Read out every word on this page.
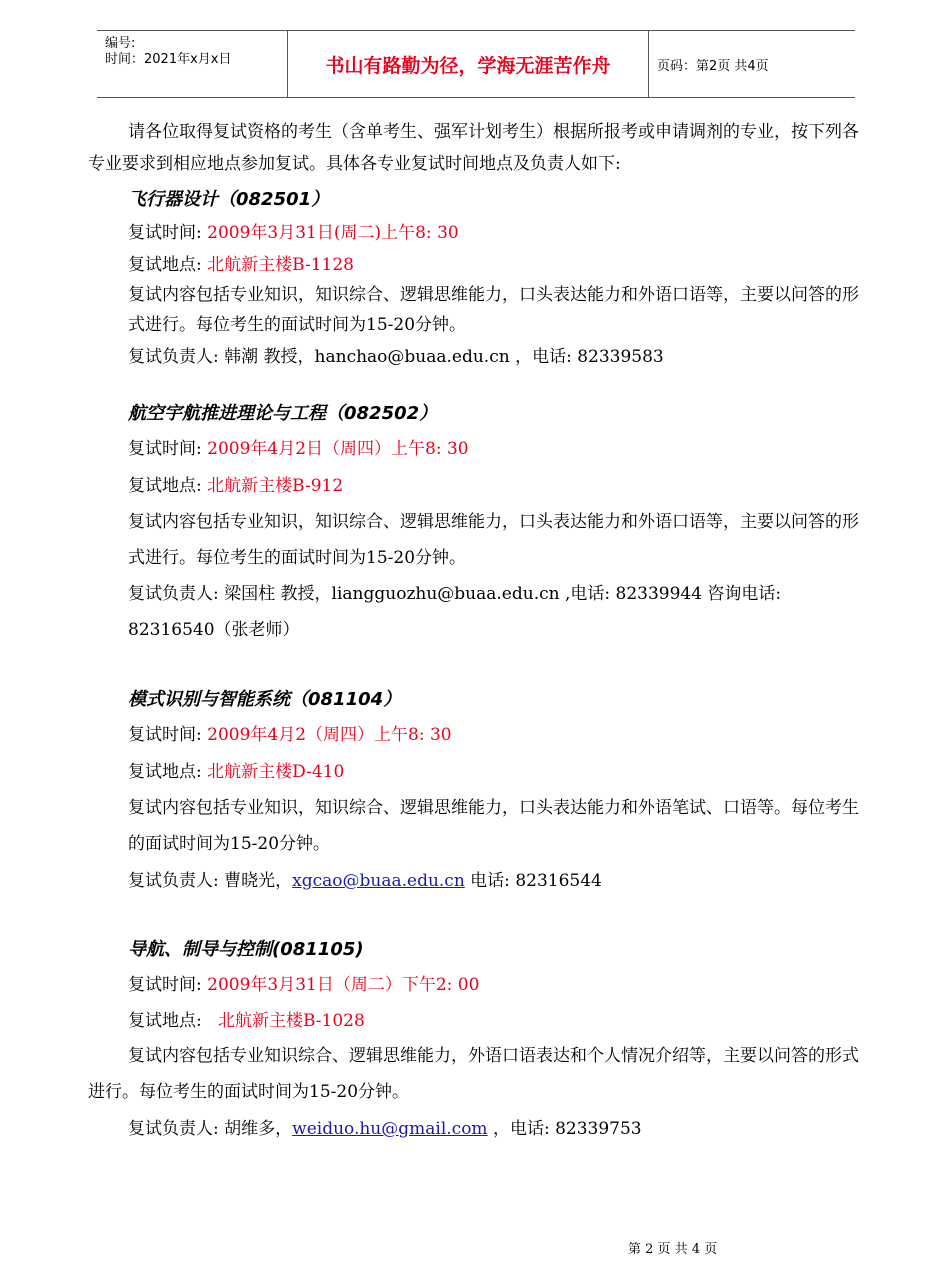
编号:
时间：2021年x月x日	书山有路勤为径，学海无涯苦作舟	页码：第2页 共4页

请各位取得复试资格的考生（含单考生、强军计划考生）根据所报考或申请调剂的专业，按下列各专业要求到相应地点参加复试。具体各专业复试时间地点及负责人如下:

飞行器设计（082501）
复试时间: 2009年3月31日(周二)上午8: 30
复试地点: 北航新主楼B-1128
复试内容包括专业知识，知识综合、逻辑思维能力，口头表达能力和外语口语等，主要以问答的形式进行。每位考生的面试时间为15-20分钟。
复试负责人: 韩潮 教授，hanchao@buaa.edu.cn ，电话: 82339583
航空宇航推进理论与工程（082502）
复试时间: 2009年4月2日（周四）上午8: 30
复试地点: 北航新主楼B-912
复试内容包括专业知识，知识综合、逻辑思维能力，口头表达能力和外语口语等，主要以问答的形式进行。每位考生的面试时间为15-20分钟。
复试负责人: 梁国柱 教授，liangguozhu@buaa.edu.cn ,电话: 82339944 咨询电话: 82316540（张老师）
模式识别与智能系统（081104）
复试时间: 2009年4月2（周四）上午8: 30
复试地点: 北航新主楼D-410
复试内容包括专业知识，知识综合、逻辑思维能力，口头表达能力和外语笔试、口语等。每位考生的面试时间为15-20分钟。
复试负责人: 曹晓光，xgcao@buaa.edu.cn 电话: 82316544
导航、制导与控制(081105)
复试时间: 2009年3月31日（周二）下午2: 00
复试地点: 北航新主楼B-1028
复试内容包括专业知识综合、逻辑思维能力，外语口语表达和个人情况介绍等，主要以问答的形式进行。每位考生的面试时间为15-20分钟。
复试负责人: 胡维多，weiduo.hu@gmail.com ，电话: 82339753
第 2 页 共 4 页
